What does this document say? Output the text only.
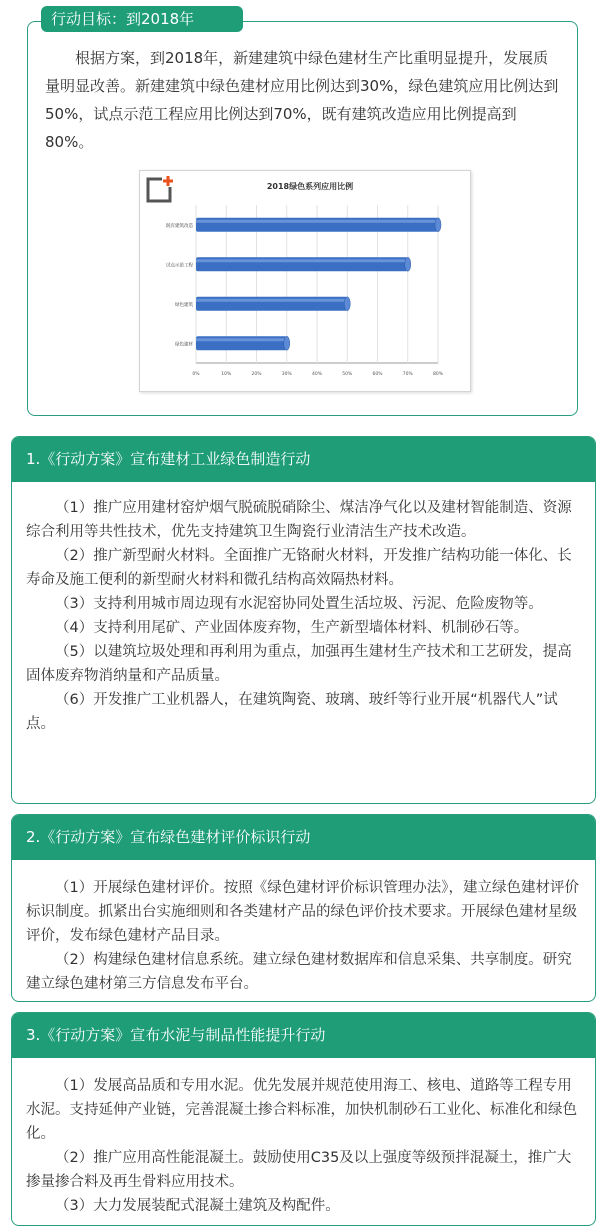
行动目标：到2018年
根据方案，到2018年，新建建筑中绿色建材生产比重明显提升，发展质量明显改善。新建建筑中绿色建材应用比例达到30%，绿色建筑应用比例达到50%，试点示范工程应用比例达到70%，既有建筑改造应用比例提高到80%。
2018绿色系列应用比例
既有建筑改造
试点示范工程
绿色建筑
绿色建材
0%	10%	20%	30%	40%	50%	60%	70%	80%
1.《行动方案》宣布建材工业绿色制造行动

（1）推广应用建材窑炉烟气脱硫脱硝除尘、煤洁净气化以及建材智能制造、资源综合利用等共性技术，优先支持建筑卫生陶瓷行业清洁生产技术改造。

（2）推广新型耐火材料。全面推广无铬耐火材料，开发推广结构功能一体化、长寿命及施工便利的新型耐火材料和微孔结构高效隔热材料。

（3）支持利用城市周边现有水泥窑协同处置生活垃圾、污泥、危险废物等。

（4）支持利用尾矿、产业固体废弃物，生产新型墙体材料、机制砂石等。

（5）以建筑垃圾处理和再利用为重点，加强再生建材生产技术和工艺研发，提高固体废弃物消纳量和产品质量。

（6）开发推广工业机器人，在建筑陶瓷、玻璃、玻纤等行业开展“机器代人”试点。

2.《行动方案》宣布绿色建材评价标识行动

（1）开展绿色建材评价。按照《绿色建材评价标识管理办法》，建立绿色建材评价标识制度。抓紧出台实施细则和各类建材产品的绿色评价技术要求。开展绿色建材星级评价，发布绿色建材产品目录。

（2）构建绿色建材信息系统。建立绿色建材数据库和信息采集、共享制度。研究建立绿色建材第三方信息发布平台。

3.《行动方案》宣布水泥与制品性能提升行动

（1）发展高品质和专用水泥。优先发展并规范使用海工、核电、道路等工程专用水泥。支持延伸产业链，完善混凝土掺合料标准，加快机制砂石工业化、标准化和绿色化。

（2）推广应用高性能混凝土。鼓励使用C35及以上强度等级预拌混凝土，推广大掺量掺合料及再生骨料应用技术。

（3）大力发展装配式混凝土建筑及构配件。
